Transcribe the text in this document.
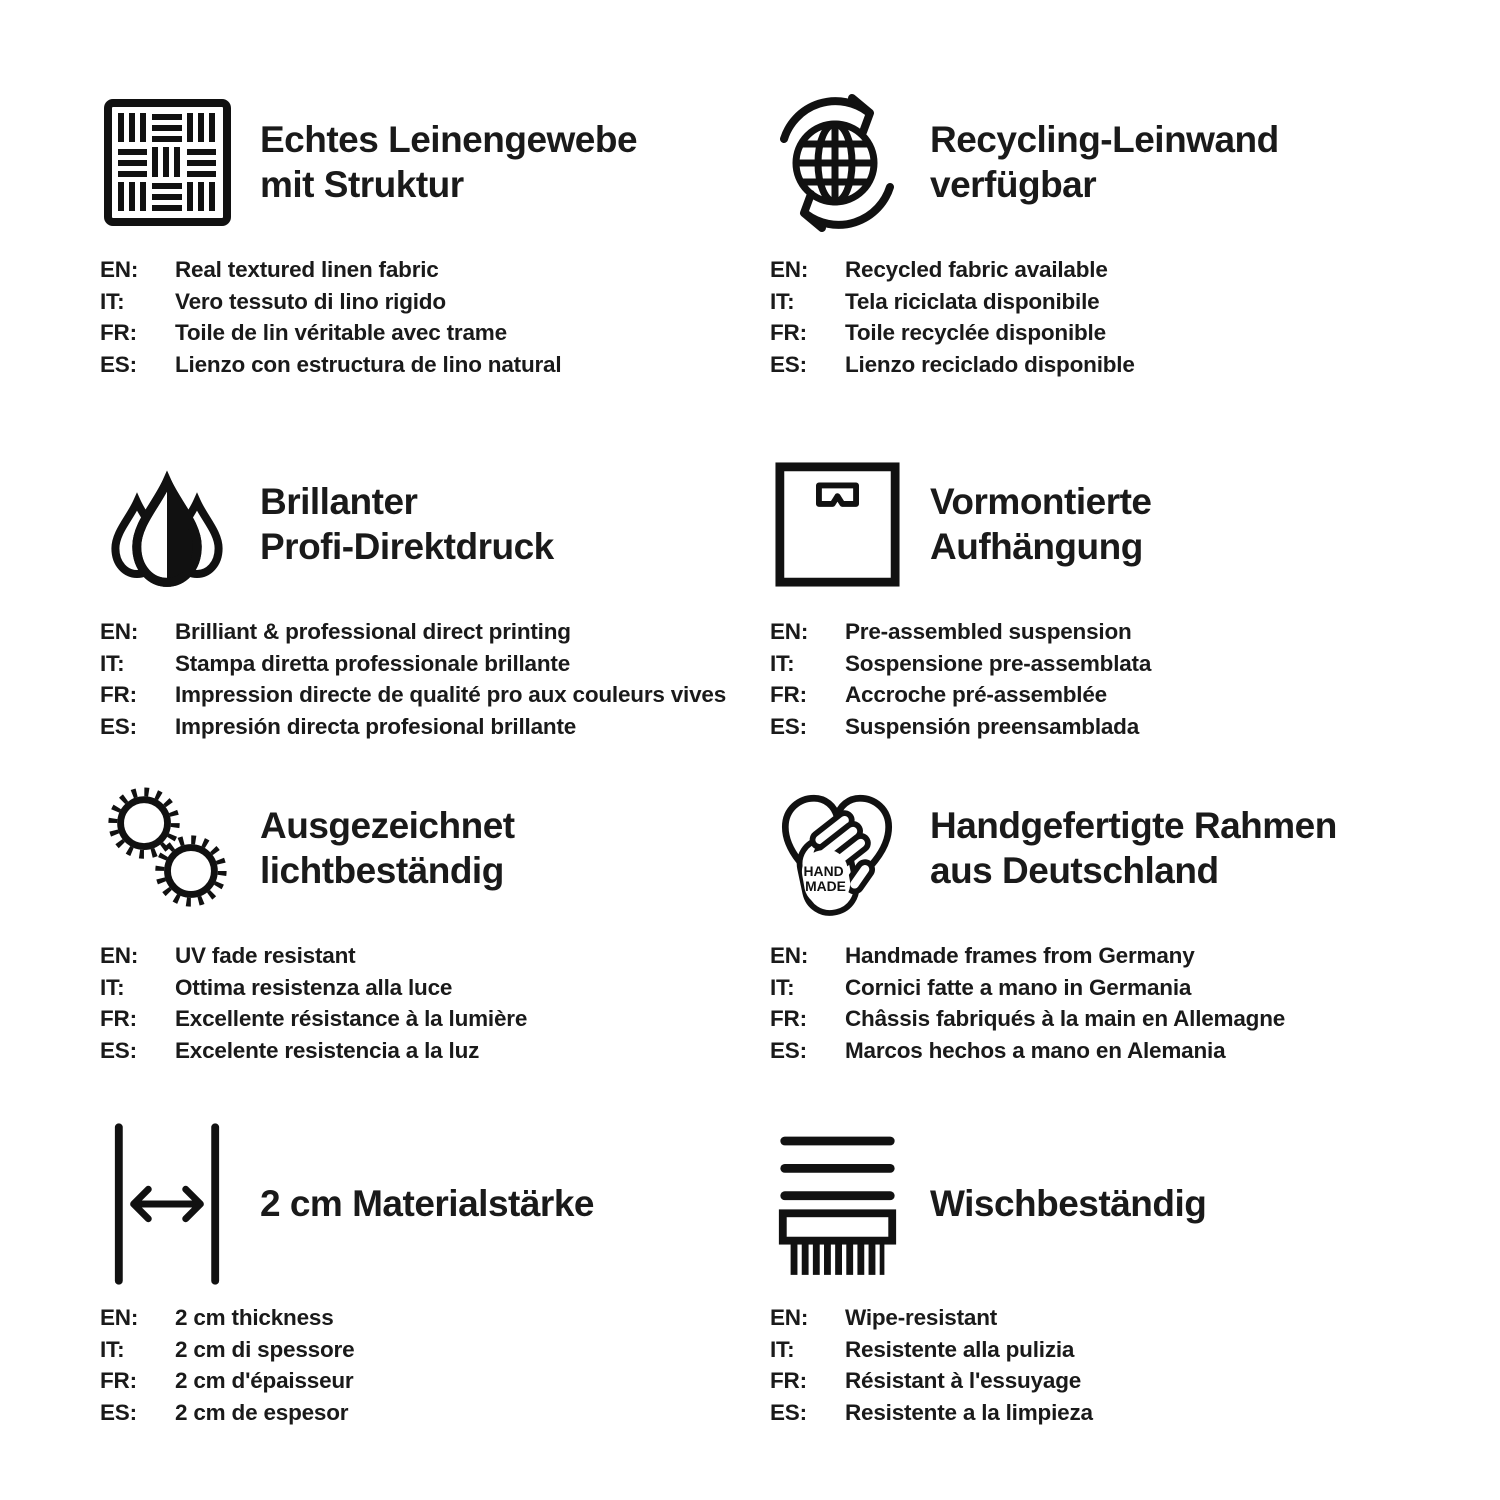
Echtes Leinengewebe
mit Struktur
EN:	Real textured linen fabric
IT:	Vero tessuto di lino rigido
FR:	Toile de lin véritable avec trame
ES:	Lienzo con estructura de lino natural
Recycling-Leinwand
verfügbar
EN:	Recycled fabric available
IT:	Tela riciclata disponibile
FR:	Toile recyclée disponible
ES:	Lienzo reciclado disponible
Brillanter
Profi-Direktdruck
EN:	Brilliant & professional direct printing
IT:	Stampa diretta professionale brillante
FR:	Impression directe de qualité pro aux couleurs vives
ES:	Impresión directa profesional brillante
Vormontierte
Aufhängung
EN:	Pre-assembled suspension
IT:	Sospensione pre-assemblata
FR:	Accroche pré-assemblée
ES:	Suspensión preensamblada
Ausgezeichnet
lichtbeständig
EN:	UV fade resistant
IT:	Ottima resistenza alla luce
FR:	Excellente résistance à la lumière
ES:	Excelente resistencia a la luz
HAND MADE
Handgefertigte Rahmen
aus Deutschland
EN:	Handmade frames from Germany
IT:	Cornici fatte a mano in Germania
FR:	Châssis fabriqués à la main en Allemagne
ES:	Marcos hechos a mano en Alemania
2 cm Materialstärke
EN:	2 cm thickness
IT:	2 cm di spessore
FR:	2 cm d'épaisseur
ES:	2 cm de espesor
Wischbeständig
EN:	Wipe-resistant
IT:	Resistente alla pulizia
FR:	Résistant à l'essuyage
ES:	Resistente a la limpieza
